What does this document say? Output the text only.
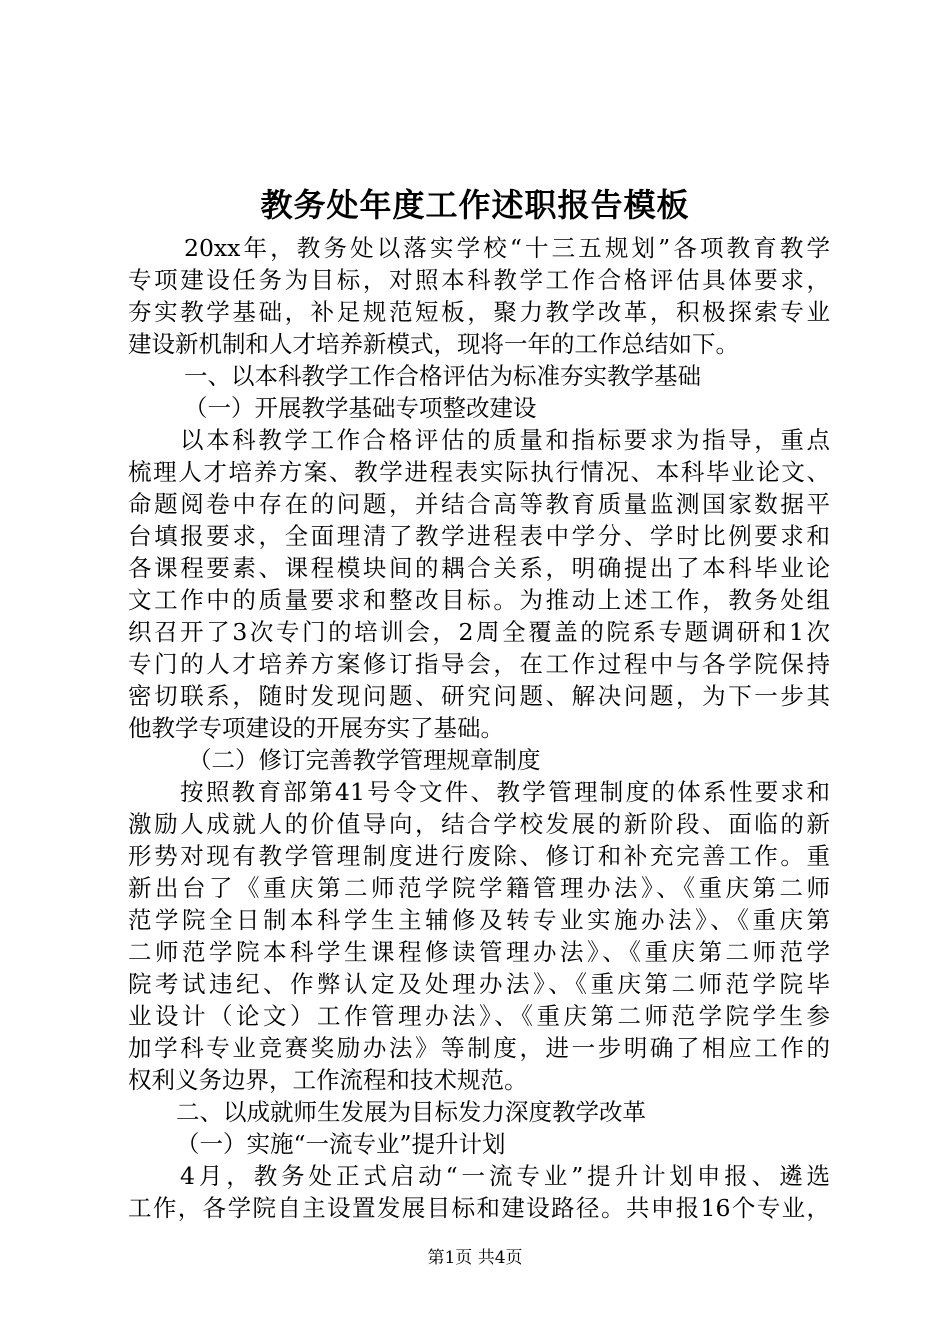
教务处年度工作述职报告模板
20xx年，教务处以落实学校“十三五规划”各项教育教学
专项建设任务为目标，对照本科教学工作合格评估具体要求，
夯实教学基础，补足规范短板，聚力教学改革，积极探索专业
建设新机制和人才培养新模式，现将一年的工作总结如下。
一、以本科教学工作合格评估为标准夯实教学基础
（一）开展教学基础专项整改建设
以本科教学工作合格评估的质量和指标要求为指导，重点
梳理人才培养方案、教学进程表实际执行情况、本科毕业论文、
命题阅卷中存在的问题，并结合高等教育质量监测国家数据平
台填报要求，全面理清了教学进程表中学分、学时比例要求和
各课程要素、课程模块间的耦合关系，明确提出了本科毕业论
文工作中的质量要求和整改目标。为推动上述工作，教务处组
织召开了3次专门的培训会，2周全覆盖的院系专题调研和1次
专门的人才培养方案修订指导会，在工作过程中与各学院保持
密切联系，随时发现问题、研究问题、解决问题，为下一步其
他教学专项建设的开展夯实了基础。
（二）修订完善教学管理规章制度
按照教育部第41号令文件、教学管理制度的体系性要求和
激励人成就人的价值导向，结合学校发展的新阶段、面临的新
形势对现有教学管理制度进行废除、修订和补充完善工作。重
新出台了《重庆第二师范学院学籍管理办法》、《重庆第二师
范学院全日制本科学生主辅修及转专业实施办法》、《重庆第
二师范学院本科学生课程修读管理办法》、《重庆第二师范学
院考试违纪、作弊认定及处理办法》、《重庆第二师范学院毕
业设计（论文）工作管理办法》、《重庆第二师范学院学生参
加学科专业竞赛奖励办法》等制度，进一步明确了相应工作的
权利义务边界，工作流程和技术规范。
二、以成就师生发展为目标发力深度教学改革
（一）实施“一流专业”提升计划
4月，教务处正式启动“一流专业”提升计划申报、遴选
工作，各学院自主设置发展目标和建设路径。共申报16个专业，
第1页 共4页
